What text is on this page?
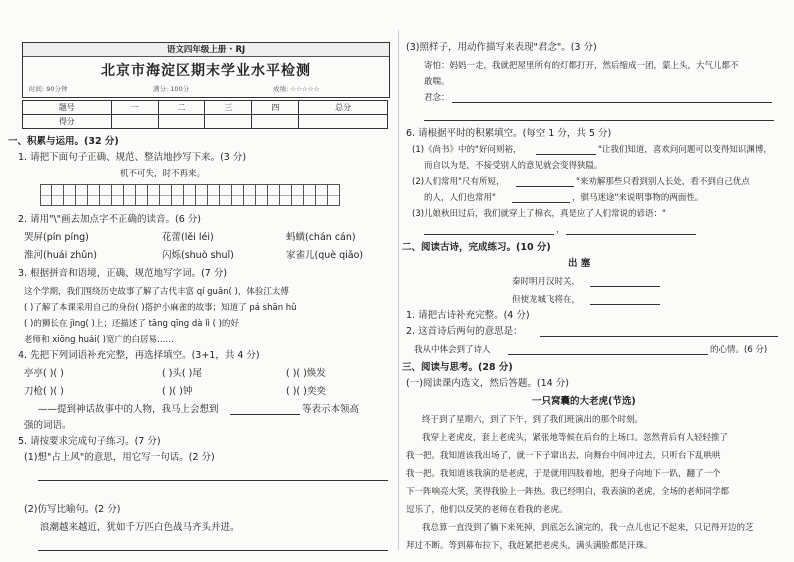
语文四年级上册 · RJ
北京市海淀区期末学业水平检测
时间: 90分钟	满分: 100分	成绩: ☆☆☆☆☆
题号	一	二	三	四	总分
得分					
一、积累与运用。(32 分)
1. 请把下面句子正确、规范、整洁地抄写下来。(3 分)
机不可失，时不再来。
2. 请用"\"画去加点字不正确的读音。(6 分)
哭屏(pín píng)	花蕾(lěi léi)	蚂蟥(chán cán)
淮河(huái zhǔn)	闪烁(shuò shuǐ)	家雀儿(què qiǎo)
3. 根据拼音和语境，正确、规范地写字词。(7 分)
这个学期，我们围绕历史故事了解了古代丰富 qí guǎn( )，体验江太傅
( )了解了本课采用自己的身份( )搭护小麻雀的故事；知道了 pá shān hǔ
( )的狮长在 jìng( )上；还描述了 tāng qīng dà lì ( )的好
老师和 xiōng huái( )宽广的白居易……
4. 先把下列词语补充完整，再选择填空。(3+1，共 4 分)
亭亭( )( )	( )头( )尾	( )( )焕发
刀枪( )( )	( )( )钟	( )( )奕奕
——提到神话故事中的人物，我马上会想到	等表示本领高
强的词语。
5. 请按要求完成句子练习。(7 分)
(1)想"占上风"的意思，用它写一句话。(2 分)
(2)仿写比喻句。(2 分)
浪潮越来越近，犹如千万匹白色战马齐头并进。
(3)照样子，用动作描写来表现"君念"。(3 分)
寄怕：妈妈一走，我就把屋里所有的灯都打开，然后缩成一团，蒙上头，大气儿都不
敢喘。
君念：
6. 请根据平时的积累填空。(每空 1 分，共 5 分)
(1)《尚书》中的"好问则裕，	"让我们知道，喜欢问问题可以变得知识渊博，
而自以为是，不接受别人的意见就会变得狭隘。
(2)人们常用"尺有所短，	"来劝解那些只看到别人长处，看不到自己优点
的人，人们也常用"	，骐马迷途"来说明事物的两面性。
(3)儿娘秋田过后，我们就穿上了棉衣，真是应了人们常说的谚语："
，
二、阅读古诗，完成练习。(10 分)
出 塞
秦时明月汉时关，
但使龙城飞将在，
1. 请把古诗补充完整。(4 分)
2. 这首诗后两句的意思是：
我从中体会到了诗人	的心情。(6 分)
三、阅读与思考。(28 分)
(一)阅读课内选文，然后答题。(14 分)
一只窝囊的大老虎(节选)
终于到了星期六，到了下午，到了我们班演出的那个时刻。
我穿上老虎皮，套上老虎头，紧张地等候在后台的上场口。忽然背后有人轻轻推了
我一把。我知道该我出场了，就一下子窜出去，向舞台中间冲过去，只听台下乱哄哄
我一把。我知道该我演的是老虎，于是就用四肢着地，把身子向地下一趴，翻了一个
下一阵响亮大笑，笑得我脸上一阵热。我已经明白，我表演的老虎，全场的老师同学都
逗乐了，他们以反笑的老师在看我的老虎。
我总算一直没到了躺下来死掉，到底怎么演完的，我一点儿也记不起来，只记得开边的芝
拜过不断。等到幕布拉下，我赶紧把老虎头，满头满脸都是汗珠。
